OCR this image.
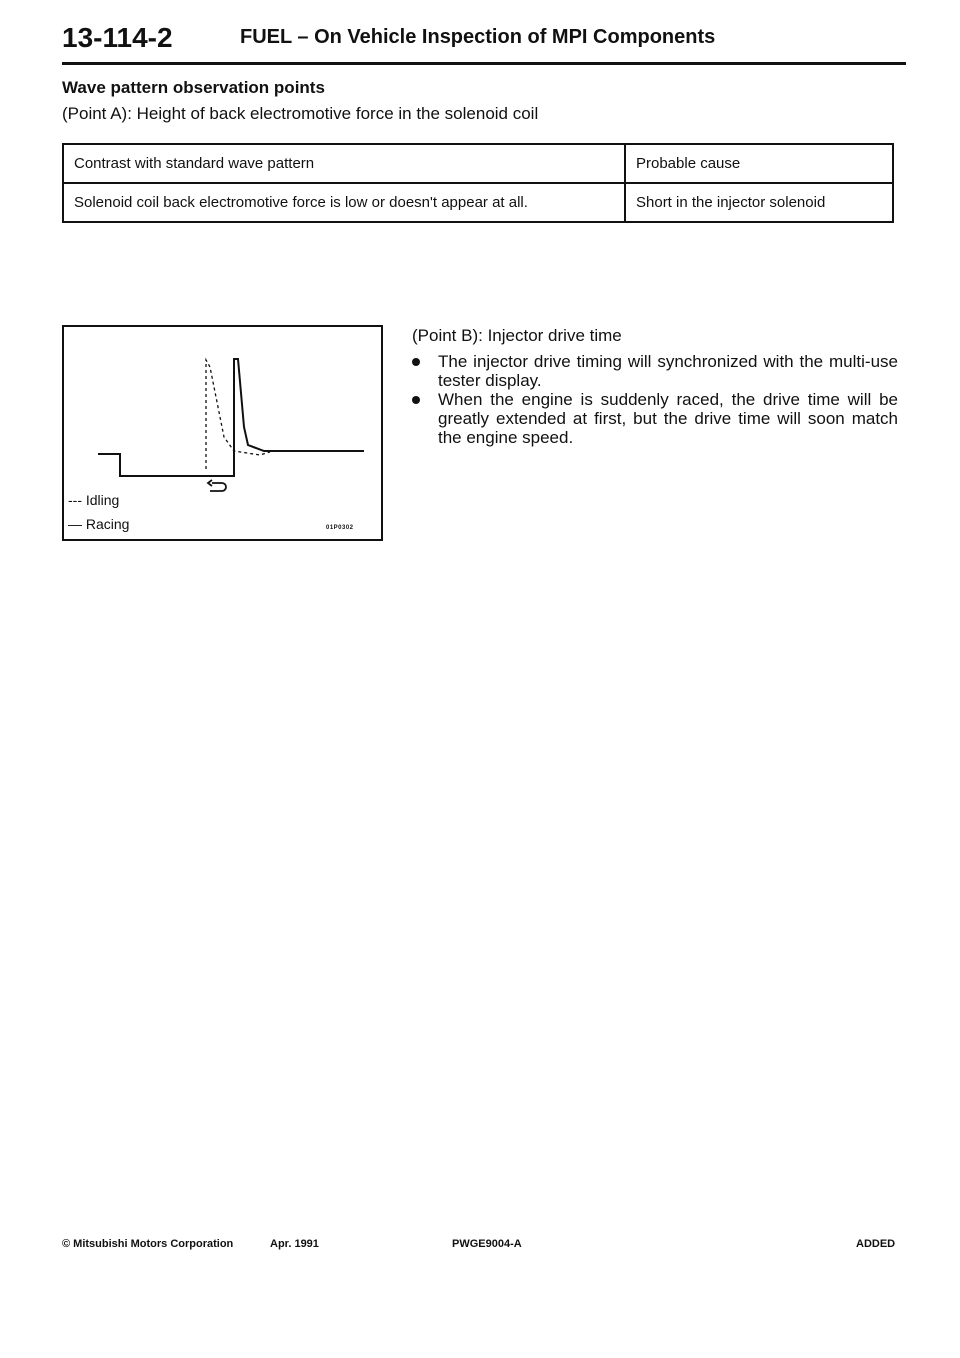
13-114-2	FUEL – On Vehicle Inspection of MPI Components
Wave pattern observation points
(Point A): Height of back electromotive force in the solenoid coil
Contrast with standard wave pattern	Probable cause
Solenoid coil back electromotive force is low or doesn't appear at all.	Short in the injector solenoid
--- Idling
— Racing	01P0302
(Point B): Injector drive time
The injector drive timing will synchronized with the multi-use tester display.
When the engine is suddenly raced, the drive time will be greatly extended at first, but the drive time will soon match the engine speed.
© Mitsubishi Motors Corporation	Apr. 1991	PWGE9004-A	ADDED
